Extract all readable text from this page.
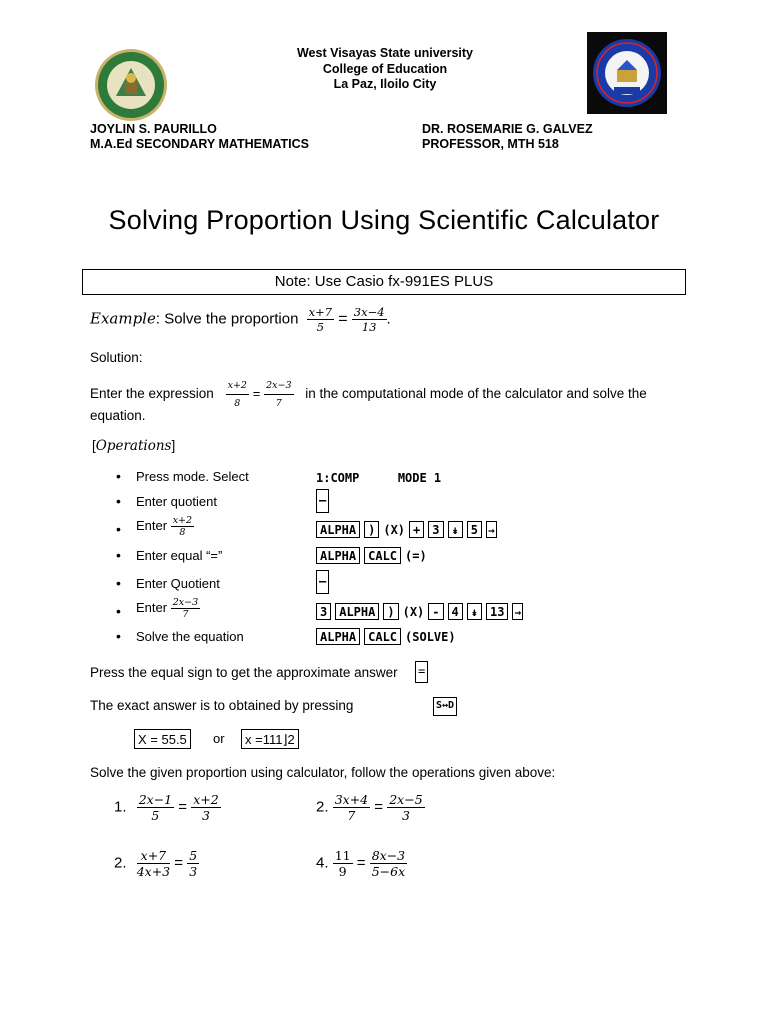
West Visayas State university
College of Education
La Paz, Iloilo City
JOYLIN S. PAURILLO
M.A.Ed SECONDARY MATHEMATICS
DR. ROSEMARIE G. GALVEZ
PROFESSOR, MTH 518
Solving Proportion Using Scientific Calculator
Note: Use Casio fx-991ES PLUS
Example: Solve the proportion $\frac{x+7}{5} = \frac{3x-4}{13}$ .
Solution:
Enter the expression $\frac{x+2}{8} = \frac{2x-3}{7}$ in the computational mode of the calculator and solve the
equation.
[Operations]
• Press mode. Select	1:COMP	MODE 1
• Enter quotient	—
• Enter $\frac{x+2}{8}$	ALPHA ) (X) + 3 ↡ 5 →
• Enter equal “=”	ALPHA CALC (=)
• Enter Quotient	—
• Enter $\frac{2x-3}{7}$	3 ALPHA ) (X) - 4 ↡ 13 →
• Solve the equation	ALPHA CALC (SOLVE)
Press the equal sign to get the approximate answer =
The exact answer is to obtained by pressing	S↔D
X = 55.5	or	x =111⌋2
Solve the given proportion using calculator, follow the operations given above:
1. $\frac{2x-1}{5} = \frac{x+2}{3}$	2. $\frac{3x+4}{7} = \frac{2x-5}{3}$
2. $\frac{x+7}{4x+3} = \frac{5}{3}$	4. $\frac{11}{9} = \frac{8x-3}{5-6x}$
